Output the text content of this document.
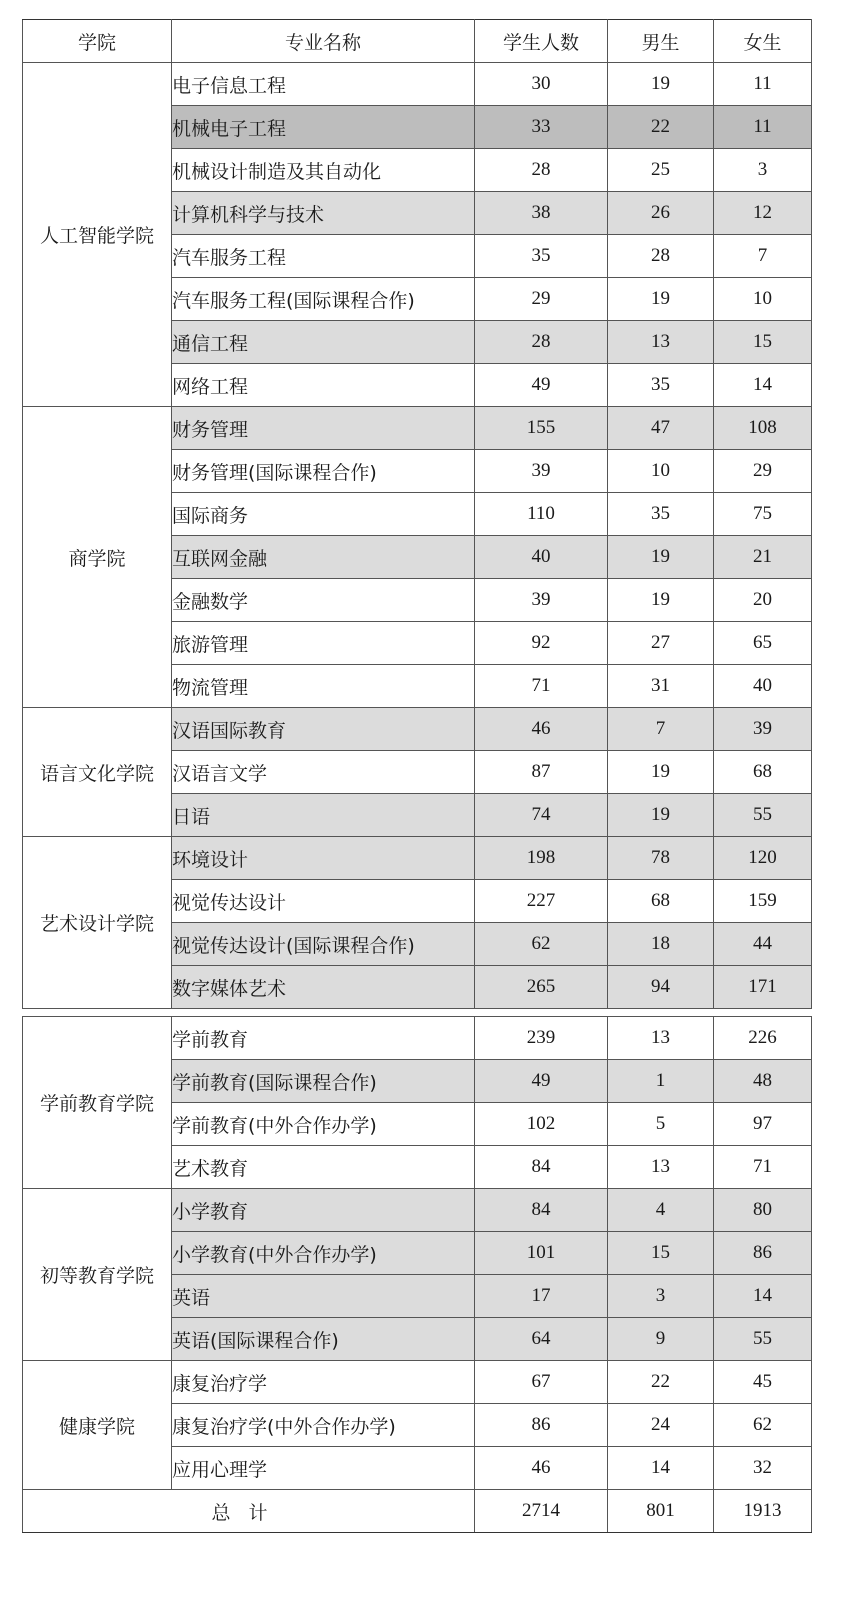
学院	专业名称	学生人数	男生	女生
人工智能学院	电子信息工程	30	19	11
	机械电子工程	33	22	11
	机械设计制造及其自动化	28	25	3
	计算机科学与技术	38	26	12
	汽车服务工程	35	28	7
	汽车服务工程(国际课程合作)	29	19	10
	通信工程	28	13	15
	网络工程	49	35	14
商学院	财务管理	155	47	108
	财务管理(国际课程合作)	39	10	29
	国际商务	110	35	75
	互联网金融	40	19	21
	金融数学	39	19	20
	旅游管理	92	27	65
	物流管理	71	31	40
语言文化学院	汉语国际教育	46	7	39
	汉语言文学	87	19	68
	日语	74	19	55
艺术设计学院	环境设计	198	78	120
	视觉传达设计	227	68	159
	视觉传达设计(国际课程合作)	62	18	44
	数字媒体艺术	265	94	171

学前教育学院	学前教育	239	13	226
	学前教育(国际课程合作)	49	1	48
	学前教育(中外合作办学)	102	5	97
	艺术教育	84	13	71
初等教育学院	小学教育	84	4	80
	小学教育(中外合作办学)	101	15	86
	英语	17	3	14
	英语(国际课程合作)	64	9	55
健康学院	康复治疗学	67	22	45
	康复治疗学(中外合作办学)	86	24	62
	应用心理学	46	14	32
总计		2714	801	1913
